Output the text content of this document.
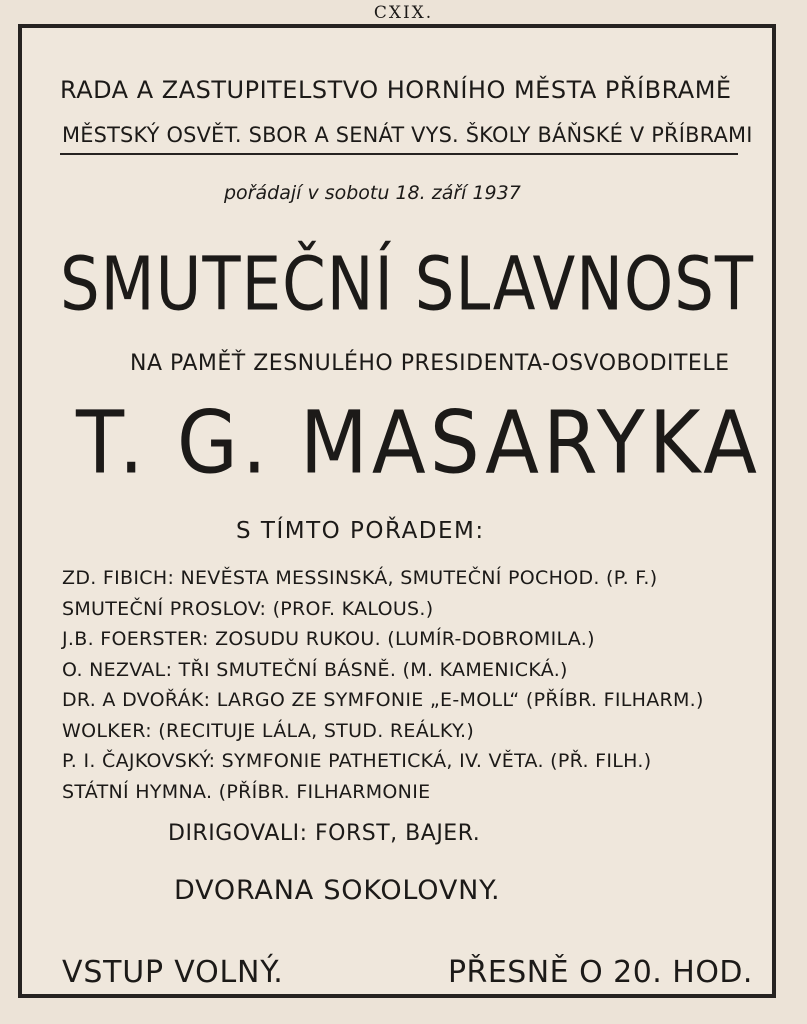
CXIX.
RADA A ZASTUPITELSTVO HORNÍHO MĚSTA PŘÍBRAMĚ
MĚSTSKÝ OSVĚT. SBOR A SENÁT VYS. ŠKOLY BÁŇSKÉ V PŘÍBRAMI
pořádají v sobotu 18. září 1937
SMUTEČNÍ SLAVNOST
NA PAMĚŤ ZESNULÉHO PRESIDENTA-OSVOBODITELE
T. G. MASARYKA
S TÍMTO POŘADEM:
ZD. FIBICH: NEVĚSTA MESSINSKÁ, SMUTEČNÍ POCHOD. (P. F.)
SMUTEČNÍ PROSLOV: (PROF. KALOUS.)
J.B. FOERSTER: ZOSUDU RUKOU. (LUMÍR-DOBROMILA.)
O. NEZVAL: TŘI SMUTEČNÍ BÁSNĚ. (M. KAMENICKÁ.)
DR. A DVOŘÁK: LARGO ZE SYMFONIE „E-MOLL“ (PŘÍBR. FILHARM.)
WOLKER: (RECITUJE LÁLA, STUD. REÁLKY.)
P. I. ČAJKOVSKÝ: SYMFONIE PATHETICKÁ, IV. VĚTA. (PŘ. FILH.)
STÁTNÍ HYMNA. (PŘÍBR. FILHARMONIE
DIRIGOVALI: FORST, BAJER.
DVORANA SOKOLOVNY.
VSTUP VOLNÝ.	PŘESNĚ O 20. HOD.
